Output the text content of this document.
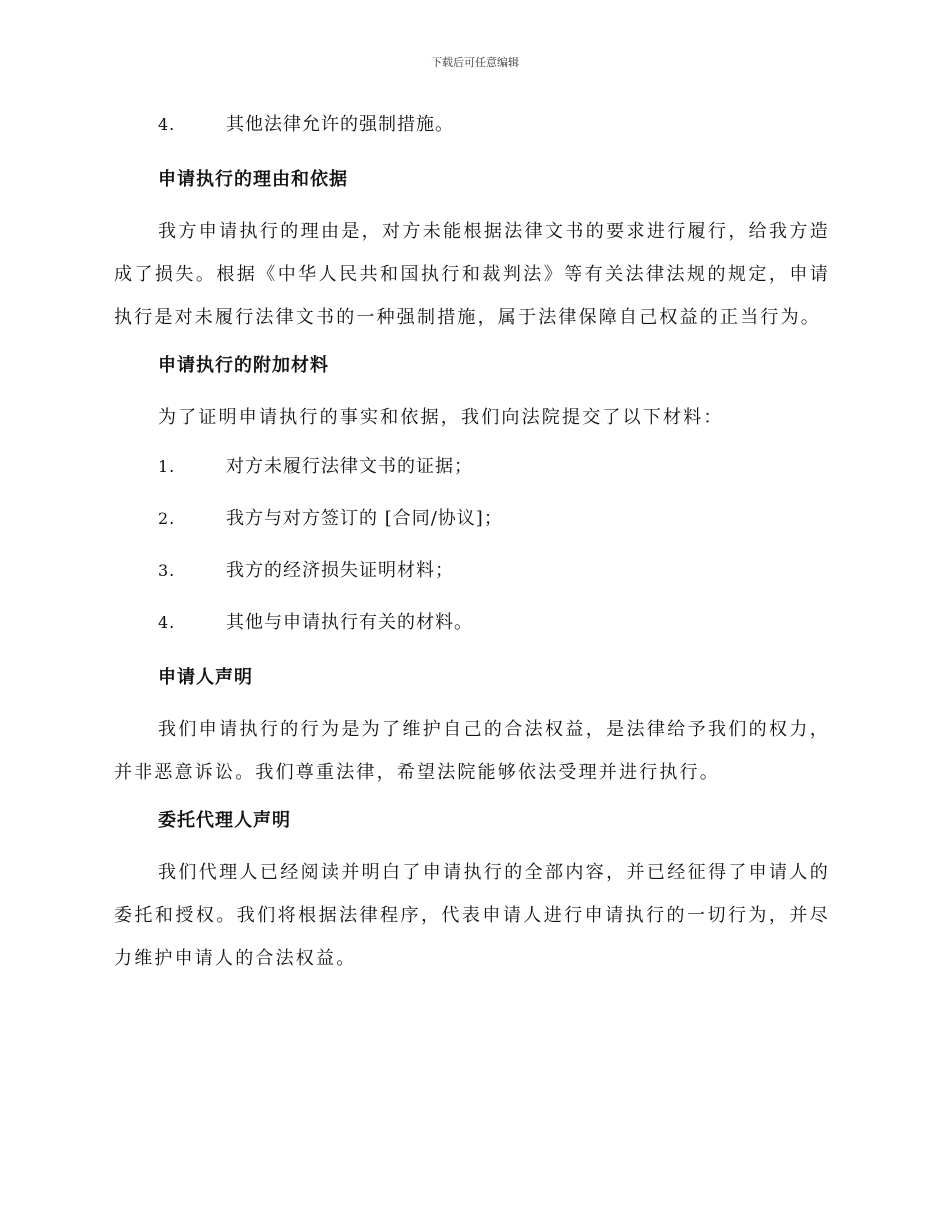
下载后可任意编辑
4.	其他法律允许的强制措施。
申请执行的理由和依据
我方申请执行的理由是，对方未能根据法律文书的要求进行履行，给我方造成了损失。根据《中华人民共和国执行和裁判法》等有关法律法规的规定，申请执行是对未履行法律文书的一种强制措施，属于法律保障自己权益的正当行为。
申请执行的附加材料
为了证明申请执行的事实和依据，我们向法院提交了以下材料：
1.	对方未履行法律文书的证据；
2.	我方与对方签订的 [合同/协议]；
3.	我方的经济损失证明材料；
4.	其他与申请执行有关的材料。
申请人声明
我们申请执行的行为是为了维护自己的合法权益，是法律给予我们的权力，并非恶意诉讼。我们尊重法律，希望法院能够依法受理并进行执行。
委托代理人声明
我们代理人已经阅读并明白了申请执行的全部内容，并已经征得了申请人的委托和授权。我们将根据法律程序，代表申请人进行申请执行的一切行为，并尽力维护申请人的合法权益。
